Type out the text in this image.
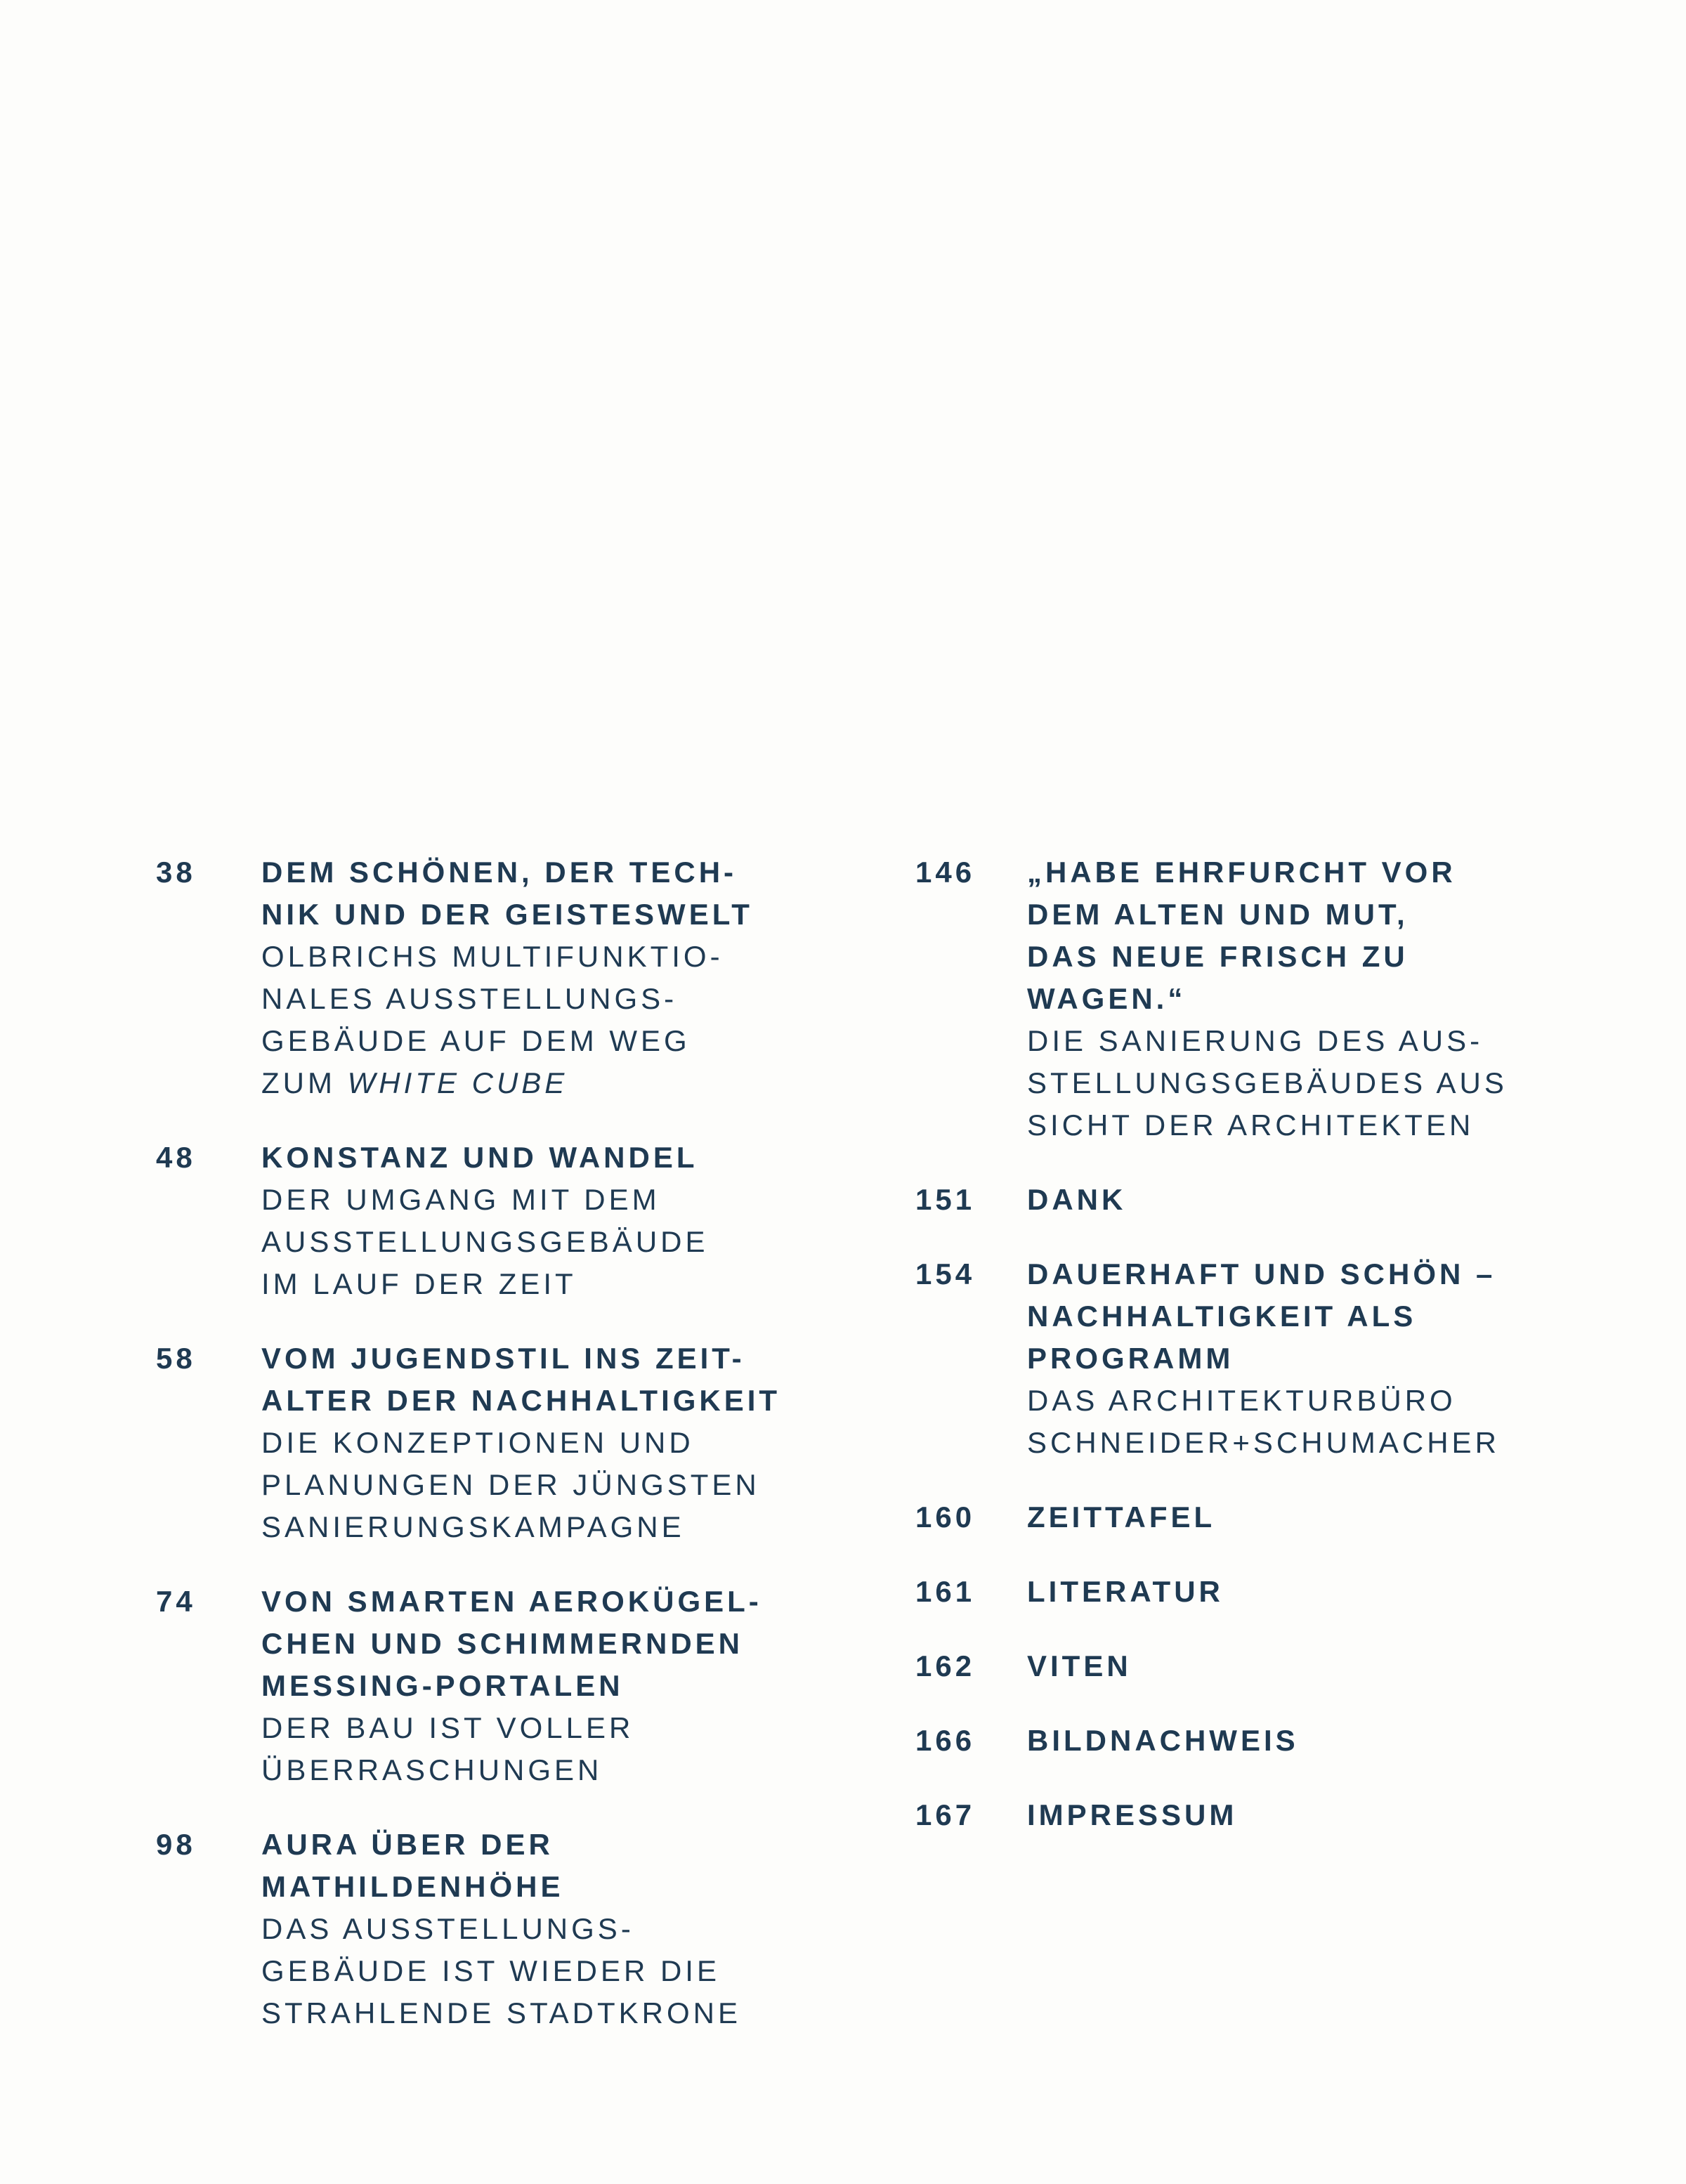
38	DEM SCHÖNEN, DER TECH-
NIK UND DER GEISTESWELT
OLBRICHS MULTIFUNKTIO-
NALES AUSSTELLUNGS-
GEBÄUDE AUF DEM WEG
ZUM WHITE CUBE
48	KONSTANZ UND WANDEL
DER UMGANG MIT DEM
AUSSTELLUNGSGEBÄUDE
IM LAUF DER ZEIT
58	VOM JUGENDSTIL INS ZEIT-
ALTER DER NACHHALTIGKEIT
DIE KONZEPTIONEN UND
PLANUNGEN DER JÜNGSTEN
SANIERUNGSKAMPAGNE
74	VON SMARTEN AEROKÜGEL-
CHEN UND SCHIMMERNDEN
MESSING-PORTALEN
DER BAU IST VOLLER
ÜBERRASCHUNGEN
98	AURA ÜBER DER
MATHILDENHÖHE
DAS AUSSTELLUNGS-
GEBÄUDE IST WIEDER DIE
STRAHLENDE STADTKRONE
146	„HABE EHRFURCHT VOR
DEM ALTEN UND MUT,
DAS NEUE FRISCH ZU
WAGEN.“
DIE SANIERUNG DES AUS-
STELLUNGSGEBÄUDES AUS
SICHT DER ARCHITEKTEN
151	DANK
154	DAUERHAFT UND SCHÖN –
NACHHALTIGKEIT ALS
PROGRAMM
DAS ARCHITEKTURBÜRO
SCHNEIDER+SCHUMACHER
160	ZEITTAFEL
161	LITERATUR
162	VITEN
166	BILDNACHWEIS
167	IMPRESSUM
